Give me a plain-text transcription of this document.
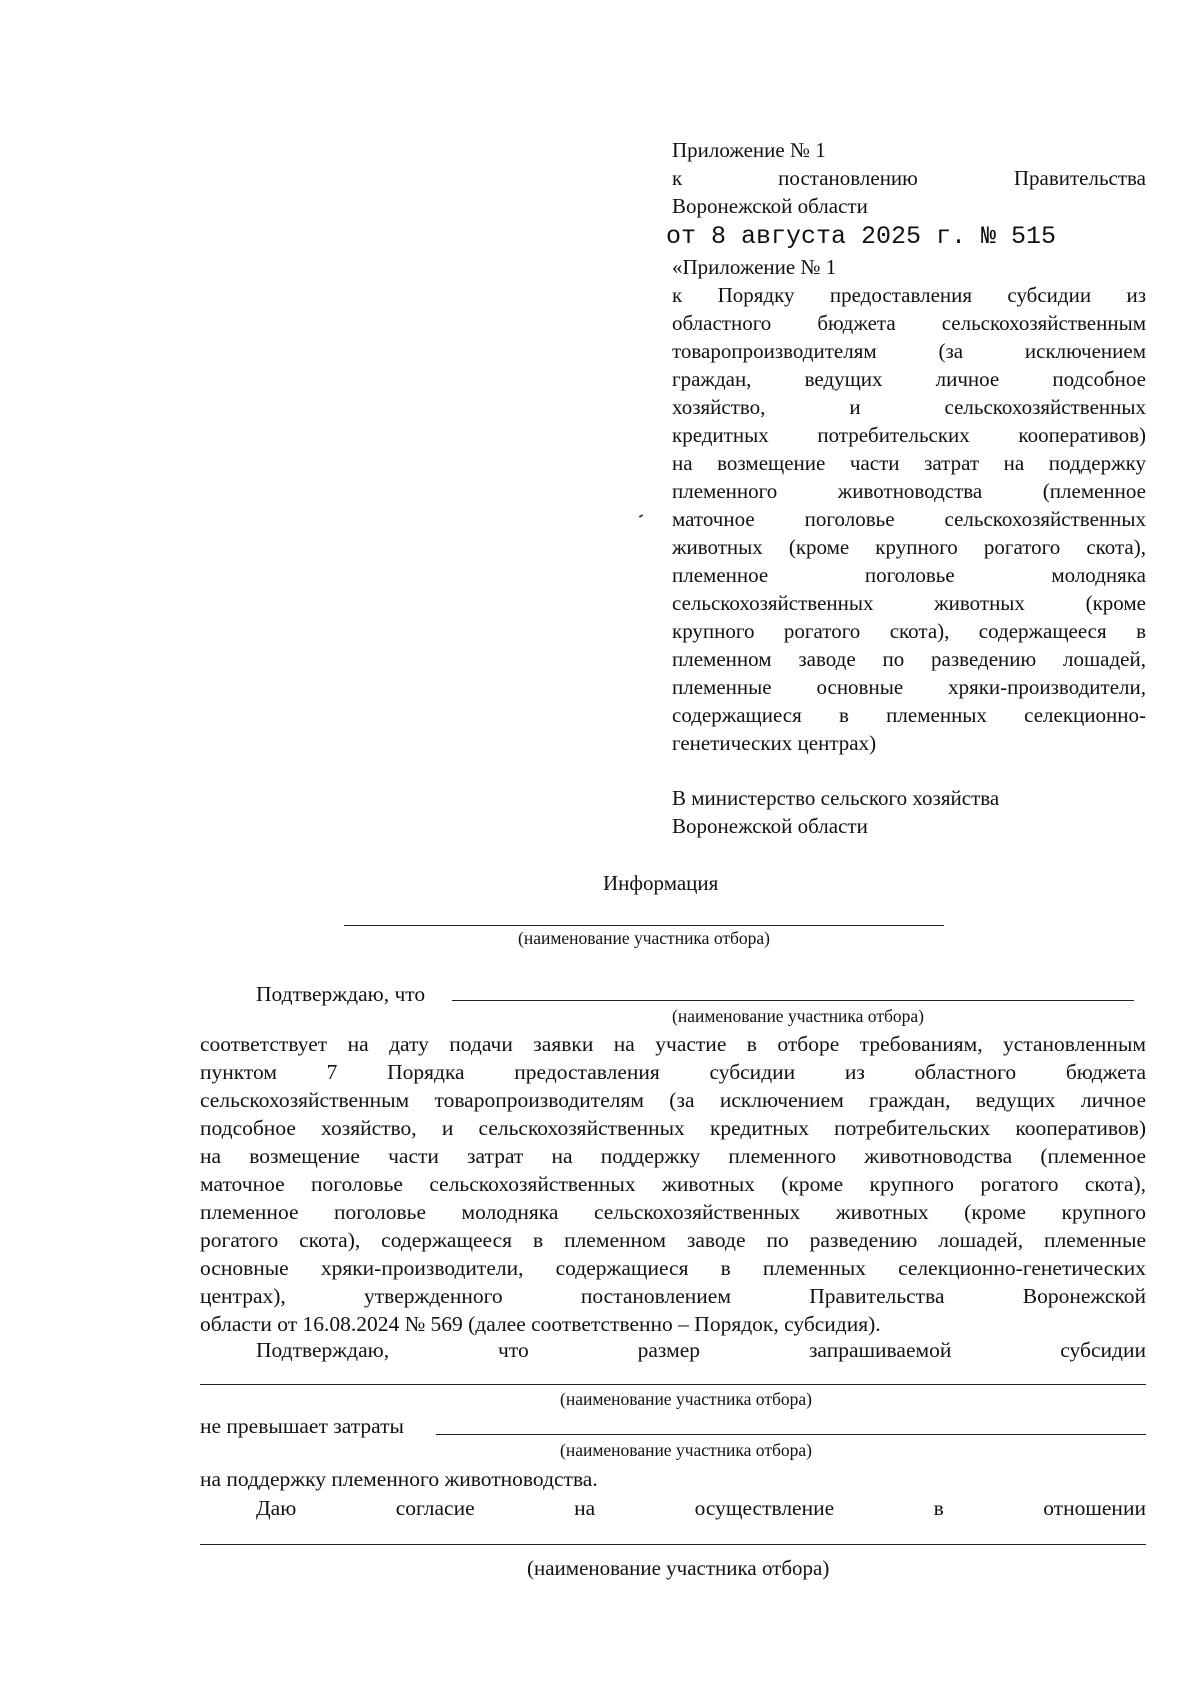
Приложение № 1
к постановлению Правительства
Воронежской области
от 8 августа 2025 г. № 515
«Приложение № 1
к Порядку предоставления субсидии из
областного бюджета сельскохозяйственным
товаропроизводителям (за исключением
граждан, ведущих личное подсобное
хозяйство, и сельскохозяйственных
кредитных потребительских кооперативов)
на возмещение части затрат на поддержку
племенного животноводства (племенное
маточное поголовье сельскохозяйственных
животных (кроме крупного рогатого скота),
племенное поголовье молодняка
сельскохозяйственных животных (кроме
крупного рогатого скота), содержащееся в
племенном заводе по разведению лошадей,
племенные основные хряки-производители,
содержащиеся в племенных селекционно-
генетических центрах)
В министерство сельского хозяйства
Воронежской области
Информация
(наименование участника отбора)
Подтверждаю, что
(наименование участника отбора)
соответствует на дату подачи заявки на участие в отборе требованиям, установленным
пунктом 7 Порядка предоставления субсидии из областного бюджета
сельскохозяйственным товаропроизводителям (за исключением граждан, ведущих личное
подсобное хозяйство, и сельскохозяйственных кредитных потребительских кооперативов)
на возмещение части затрат на поддержку племенного животноводства (племенное
маточное поголовье сельскохозяйственных животных (кроме крупного рогатого скота),
племенное поголовье молодняка сельскохозяйственных животных (кроме крупного
рогатого скота), содержащееся в племенном заводе по разведению лошадей, племенные
основные хряки-производители, содержащиеся в племенных селекционно-генетических
центрах), утвержденного постановлением Правительства Воронежской
области от 16.08.2024 № 569 (далее соответственно – Порядок, субсидия).
Подтверждаю,	что	размер	запрашиваемой	субсидии
(наименование участника отбора)
не превышает затраты
(наименование участника отбора)
на поддержку племенного животноводства.
Даю	согласие	на	осуществление	в	отношении
(наименование участника отбора)
